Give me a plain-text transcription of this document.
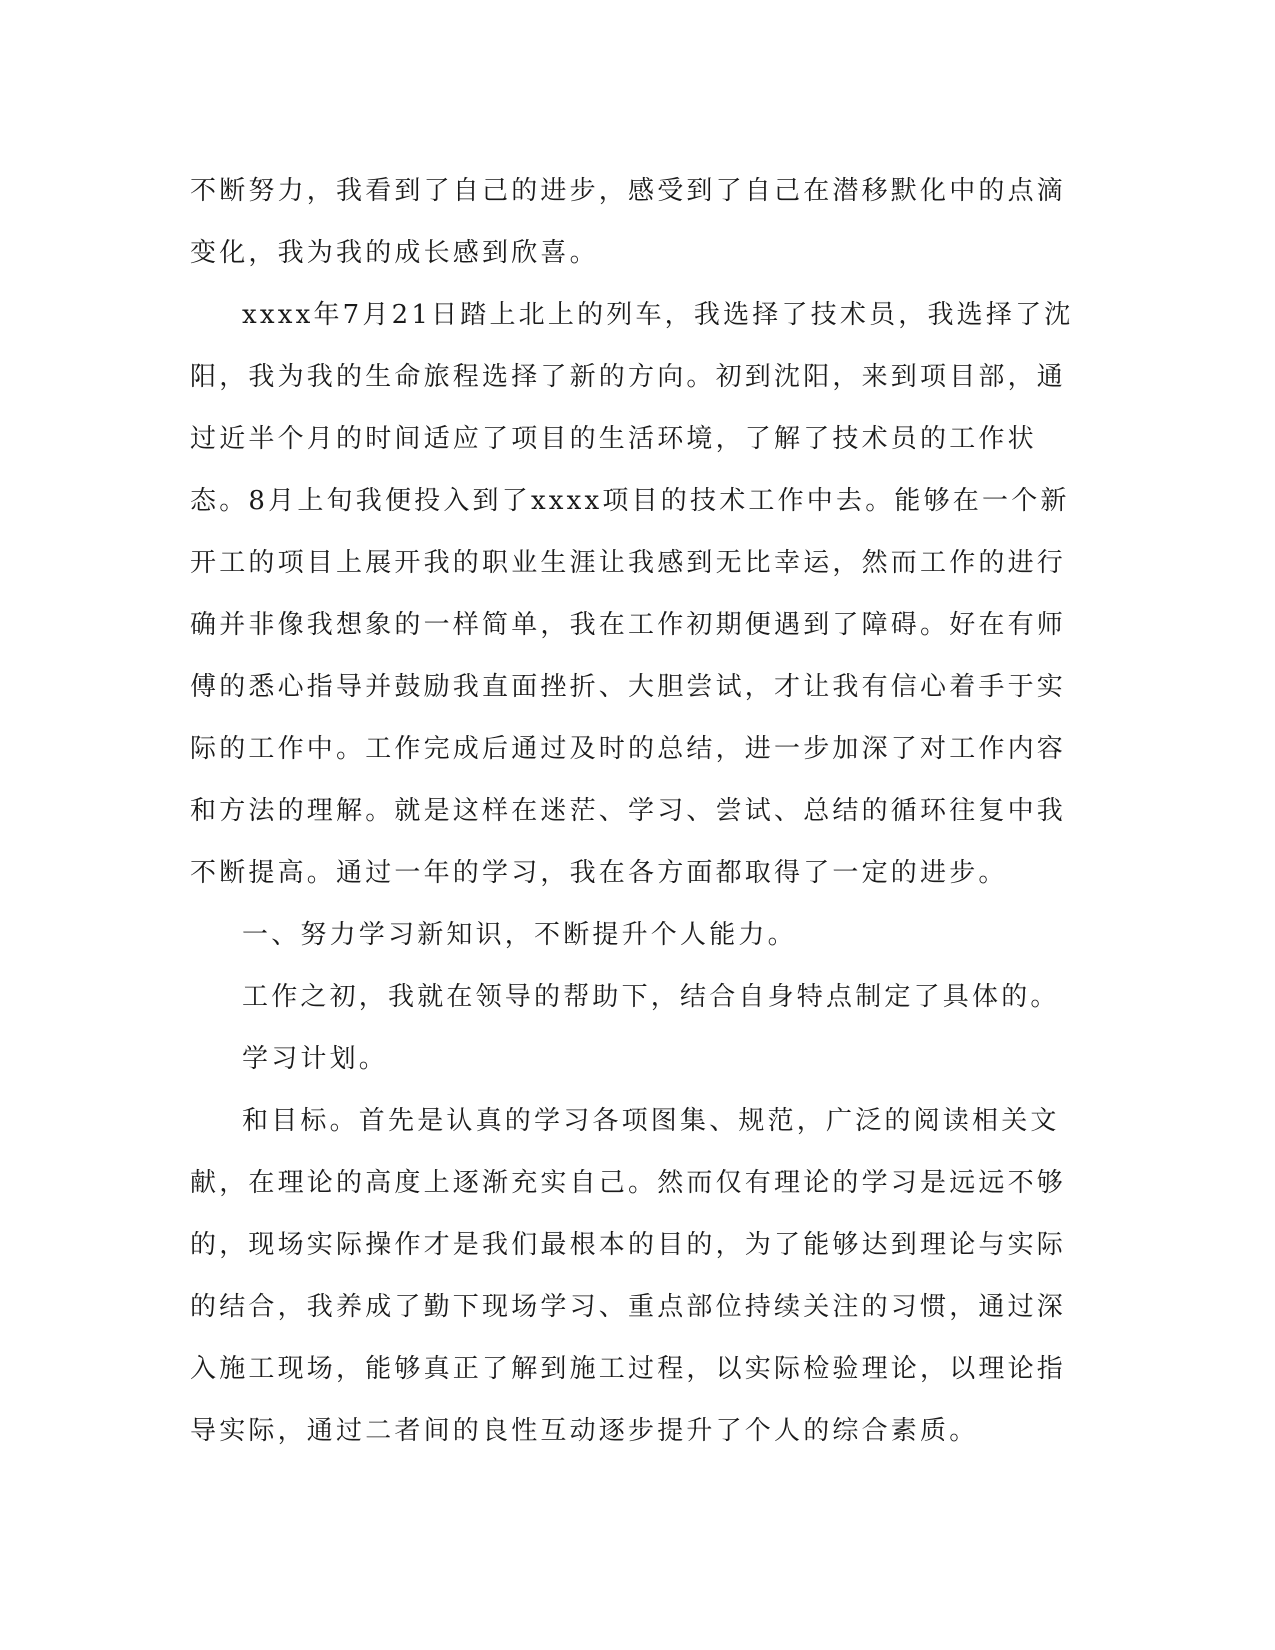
不断努力，我看到了自己的进步，感受到了自己在潜移默化中的点滴变化，我为我的成长感到欣喜。

xxxx年7月21日踏上北上的列车，我选择了技术员，我选择了沈阳，我为我的生命旅程选择了新的方向。初到沈阳，来到项目部，通过近半个月的时间适应了项目的生活环境，了解了技术员的工作状态。8月上旬我便投入到了xxxx项目的技术工作中去。能够在一个新开工的项目上展开我的职业生涯让我感到无比幸运，然而工作的进行确并非像我想象的一样简单，我在工作初期便遇到了障碍。好在有师傅的悉心指导并鼓励我直面挫折、大胆尝试，才让我有信心着手于实际的工作中。工作完成后通过及时的总结，进一步加深了对工作内容和方法的理解。就是这样在迷茫、学习、尝试、总结的循环往复中我不断提高。通过一年的学习，我在各方面都取得了一定的进步。

一、努力学习新知识，不断提升个人能力。

工作之初，我就在领导的帮助下，结合自身特点制定了具体的。

学习计划。

和目标。首先是认真的学习各项图集、规范，广泛的阅读相关文献，在理论的高度上逐渐充实自己。然而仅有理论的学习是远远不够的，现场实际操作才是我们最根本的目的，为了能够达到理论与实际的结合，我养成了勤下现场学习、重点部位持续关注的习惯，通过深入施工现场，能够真正了解到施工过程，以实际检验理论，以理论指导实际，通过二者间的良性互动逐步提升了个人的综合素质。
